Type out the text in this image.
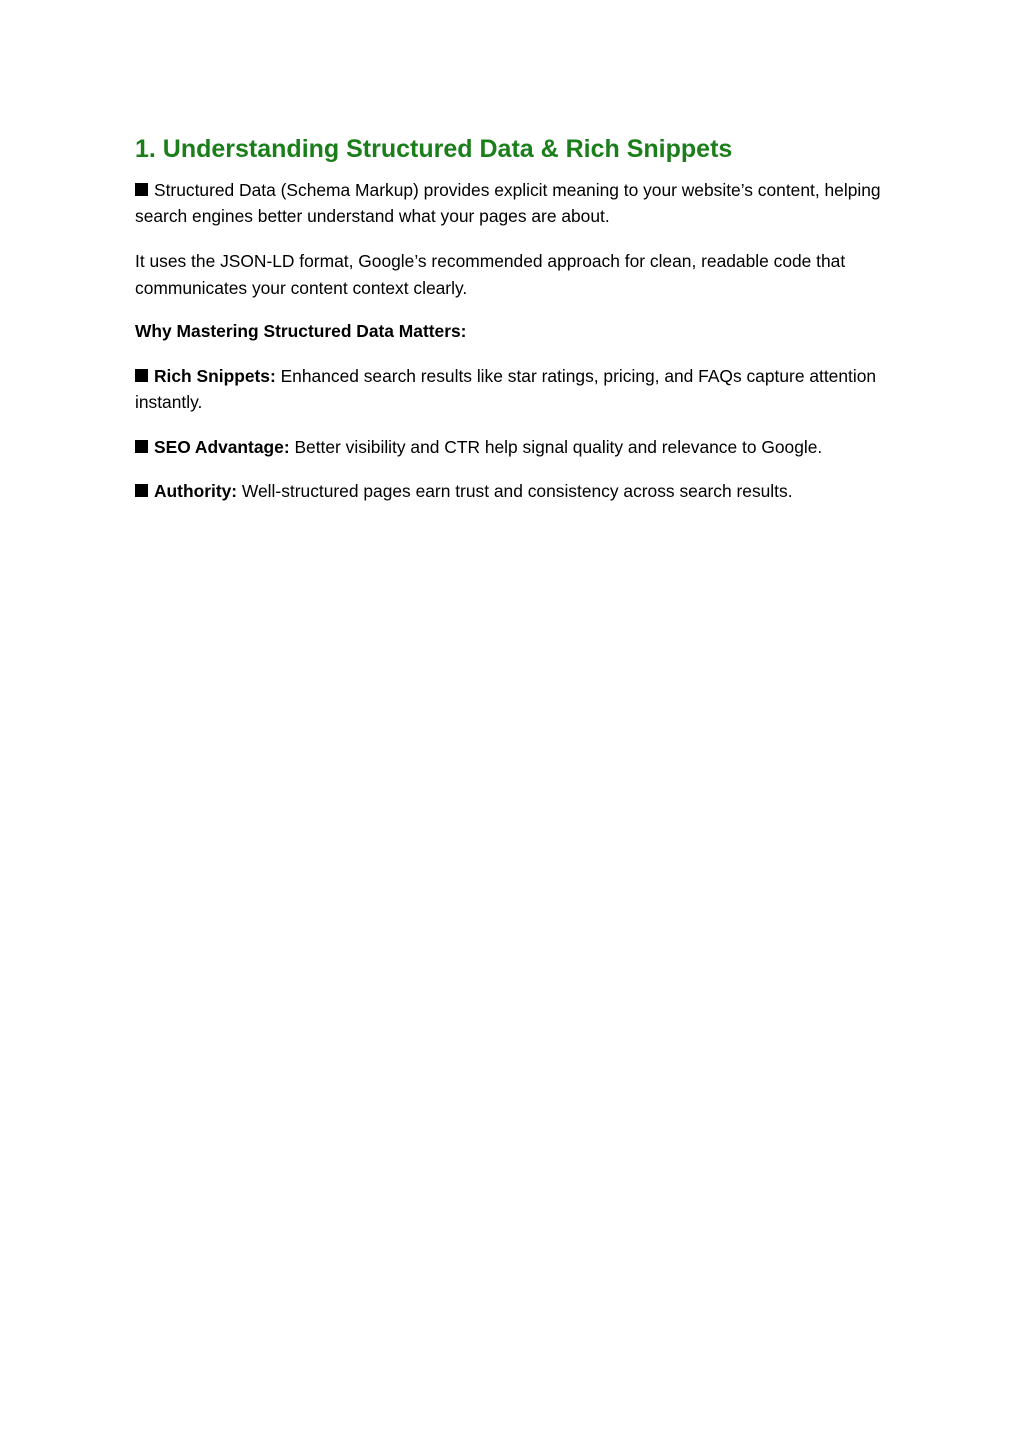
1. Understanding Structured Data & Rich Snippets

Structured Data (Schema Markup) provides explicit meaning to your website’s content, helping search engines better understand what your pages are about.

It uses the JSON-LD format, Google’s recommended approach for clean, readable code that communicates your content context clearly.

Why Mastering Structured Data Matters:

Rich Snippets: Enhanced search results like star ratings, pricing, and FAQs capture attention instantly.

SEO Advantage: Better visibility and CTR help signal quality and relevance to Google.

Authority: Well-structured pages earn trust and consistency across search results.
